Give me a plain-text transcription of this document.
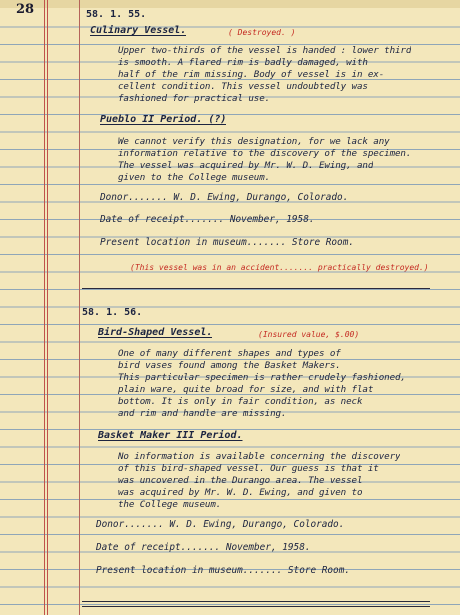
28	58. 1. 55.
Culinary Vessel.	( Destroyed. )
Upper two-thirds of the vessel is handed : lower third
is smooth. A flared rim is badly damaged, with
half of the rim missing. Body of vessel is in ex-
cellent condition. This vessel undoubtedly was
fashioned for practical use.
Pueblo II Period. (?)
We cannot verify this designation, for we lack any
information relative to the discovery of the specimen.
The vessel was acquired by Mr. W. D. Ewing, and
given to the College museum.
Donor....... W. D. Ewing, Durango, Colorado.
Date of receipt....... November, 1958.
Present location in museum....... Store Room.
(This vessel was in an accident....... practically destroyed.)
58. 1. 56.
Bird-Shaped Vessel.	(Insured value, $.00)
One of many different shapes and types of
bird vases found among the Basket Makers.
This particular specimen is rather crudely fashioned,
plain ware, quite broad for size, and with flat
bottom. It is only in fair condition, as neck
and rim and handle are missing.
Basket Maker III Period.
No information is available concerning the discovery
of this bird-shaped vessel. Our guess is that it
was uncovered in the Durango area. The vessel
was acquired by Mr. W. D. Ewing, and given to
the College museum.
Donor....... W. D. Ewing, Durango, Colorado.
Date of receipt....... November, 1958.
Present location in museum....... Store Room.
